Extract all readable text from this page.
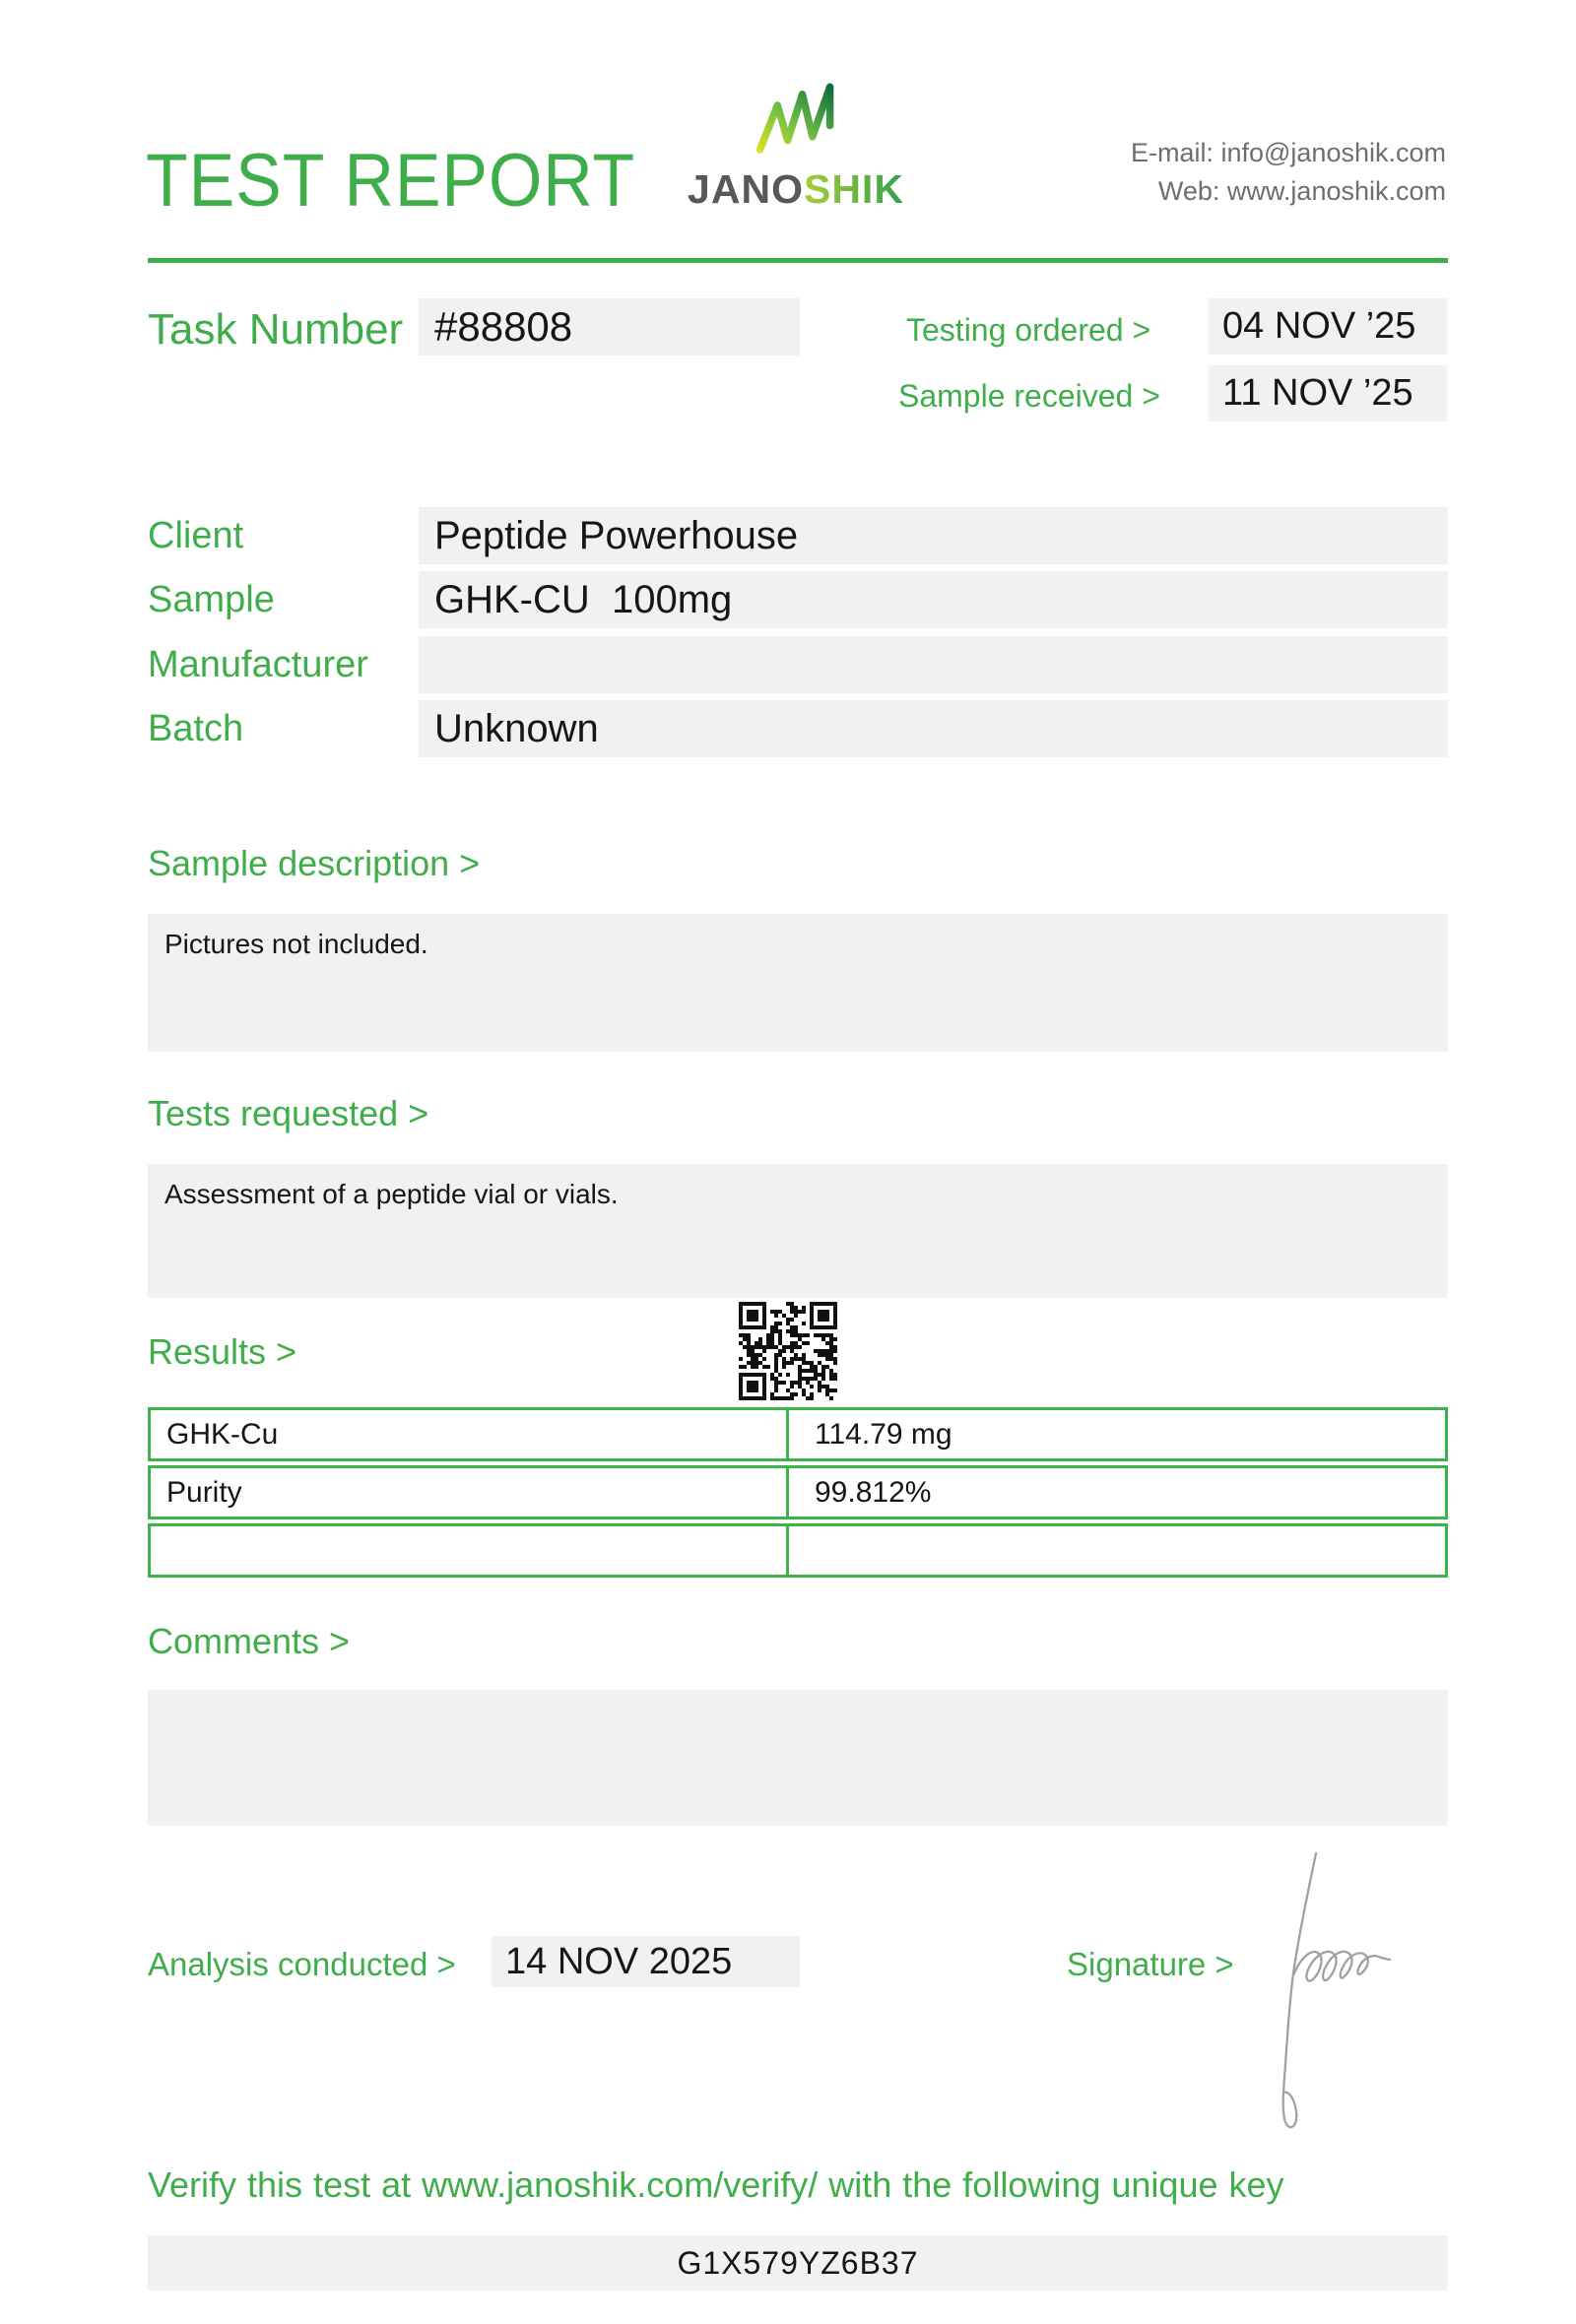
TEST REPORT JANOSHIK
E-mail: info@janoshik.com
Web: www.janoshik.com
Task Number #88808	Testing ordered >	04 NOV ’25
Sample received >	11 NOV ’25
Client	Peptide Powerhouse
Sample	GHK-CU  100mg
Manufacturer
Batch	Unknown
Sample description >
Pictures not included.
Tests requested >
Assessment of a peptide vial or vials.
Results >
GHK-Cu	114.79 mg
Purity	99.812%
Comments >
Analysis conducted >	14 NOV 2025	Signature >
Verify this test at www.janoshik.com/verify/ with the following unique key
G1X579YZ6B37
